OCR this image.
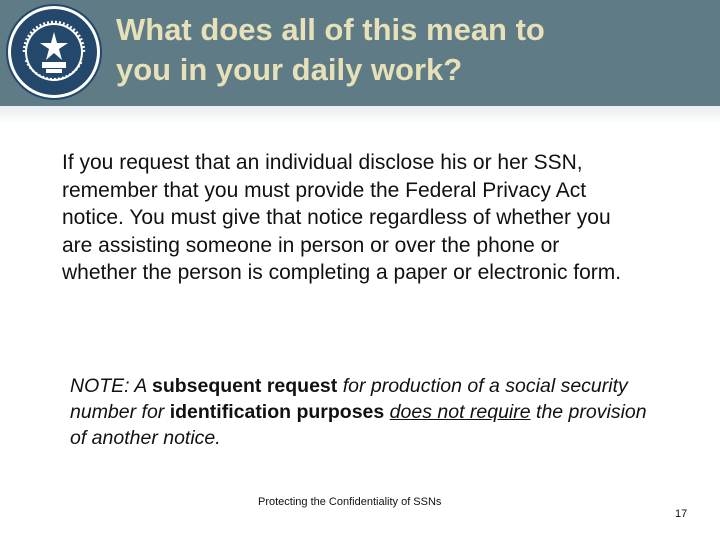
What does all of this mean to
you in your daily work?

If you request that an individual disclose his or her SSN, remember that you must provide the Federal Privacy Act notice. You must give that notice regardless of whether you are assisting someone in person or over the phone or whether the person is completing a paper or electronic form.

NOTE: A subsequent request for production of a social security number for identification purposes does not require the provision of another notice.

Protecting the Confidentiality of SSNs
17
